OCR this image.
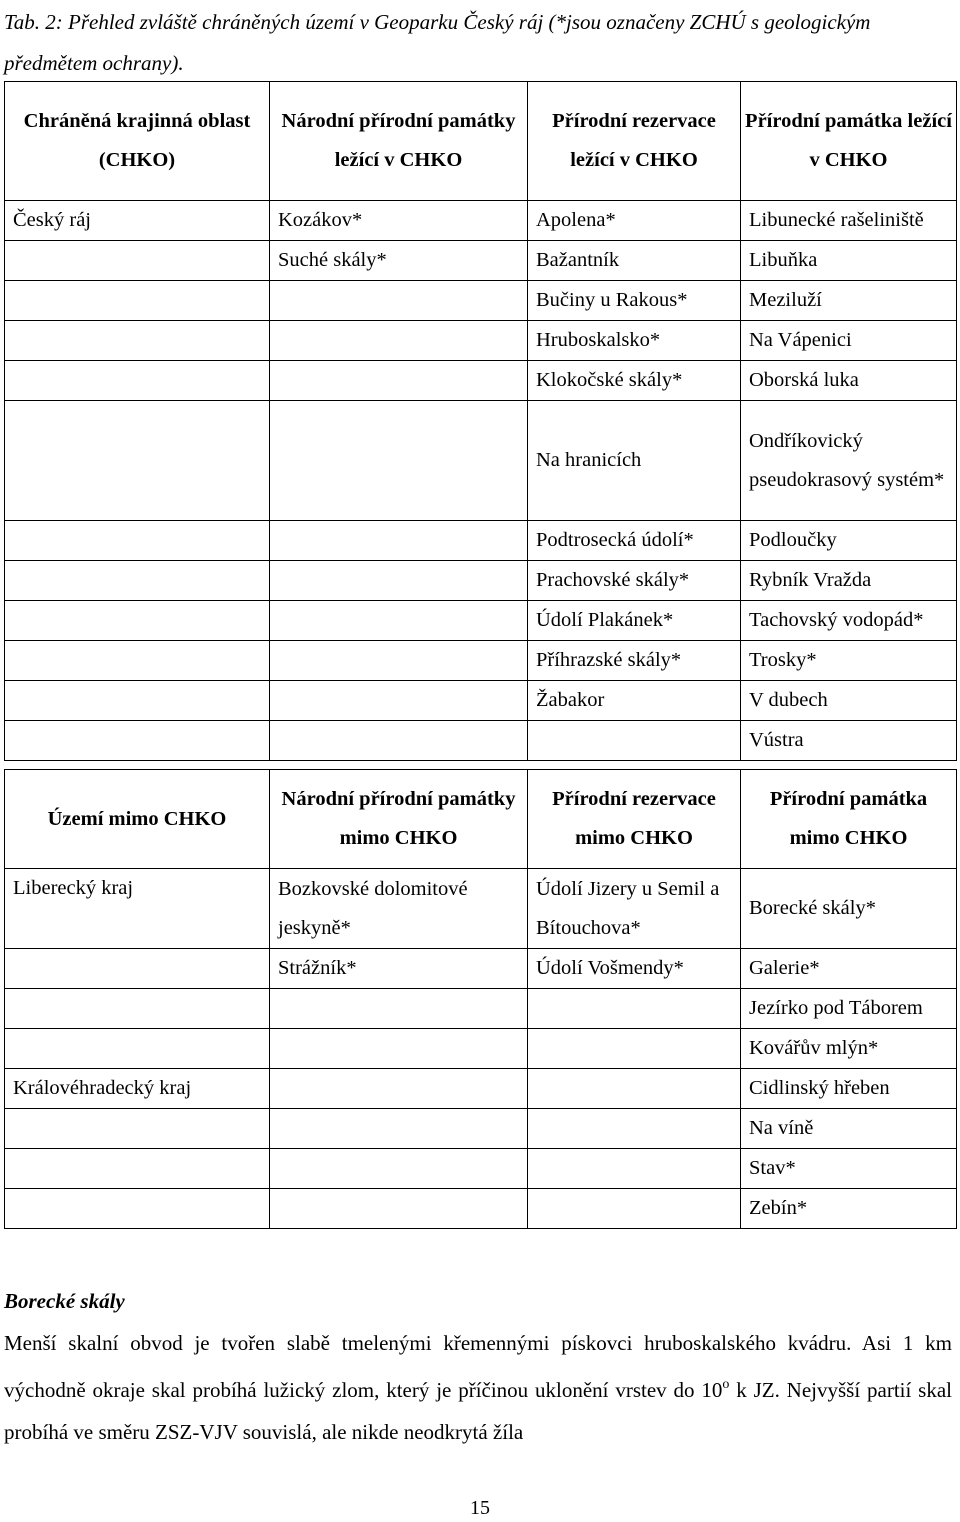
Tab. 2: Přehled zvláště chráněných území v Geoparku Český ráj (*jsou označeny ZCHÚ s geologickým předmětem ochrany).
Chráněná krajinná oblast (CHKO)	Národní přírodní památky ležící v CHKO	Přírodní rezervace ležící v CHKO	Přírodní památka ležící v CHKO
Český ráj	Kozákov*	Apolena*	Libunecké rašeliniště
	Suché skály*	Bažantník	Libuňka
		Bučiny u Rakous*	Meziluží
		Hruboskalsko*	Na Vápenici
		Klokočské skály*	Oborská luka
		Na hranicích	Ondříkovický pseudokrasový systém*
		Podtrosecká údolí*	Podloučky
		Prachovské skály*	Rybník Vražda
		Údolí Plakánek*	Tachovský vodopád*
		Příhrazské skály*	Trosky*
		Žabakor	V dubech
			Vústra
Území mimo CHKO	Národní přírodní památky mimo CHKO	Přírodní rezervace mimo CHKO	Přírodní památka mimo CHKO
Liberecký kraj	Bozkovské dolomitové jeskyně*	Údolí Jizery u Semil a Bítouchova*	Borecké skály*
	Strážník*	Údolí Vošmendy*	Galerie*
			Jezírko pod Táborem
			Kovářův mlýn*
Královéhradecký kraj			Cidlinský hřeben
			Na víně
			Stav*
			Zebín*
Borecké skály
Menší skalní obvod je tvořen slabě tmelenými křemennými pískovci hruboskalského kvádru. Asi 1 km východně okraje skal probíhá lužický zlom, který je příčinou uklonění vrstev do 10$^o$ k JZ. Nejvyšší partií skal probíhá ve směru ZSZ-VJV souvislá, ale nikde neodkrytá žíla
15
